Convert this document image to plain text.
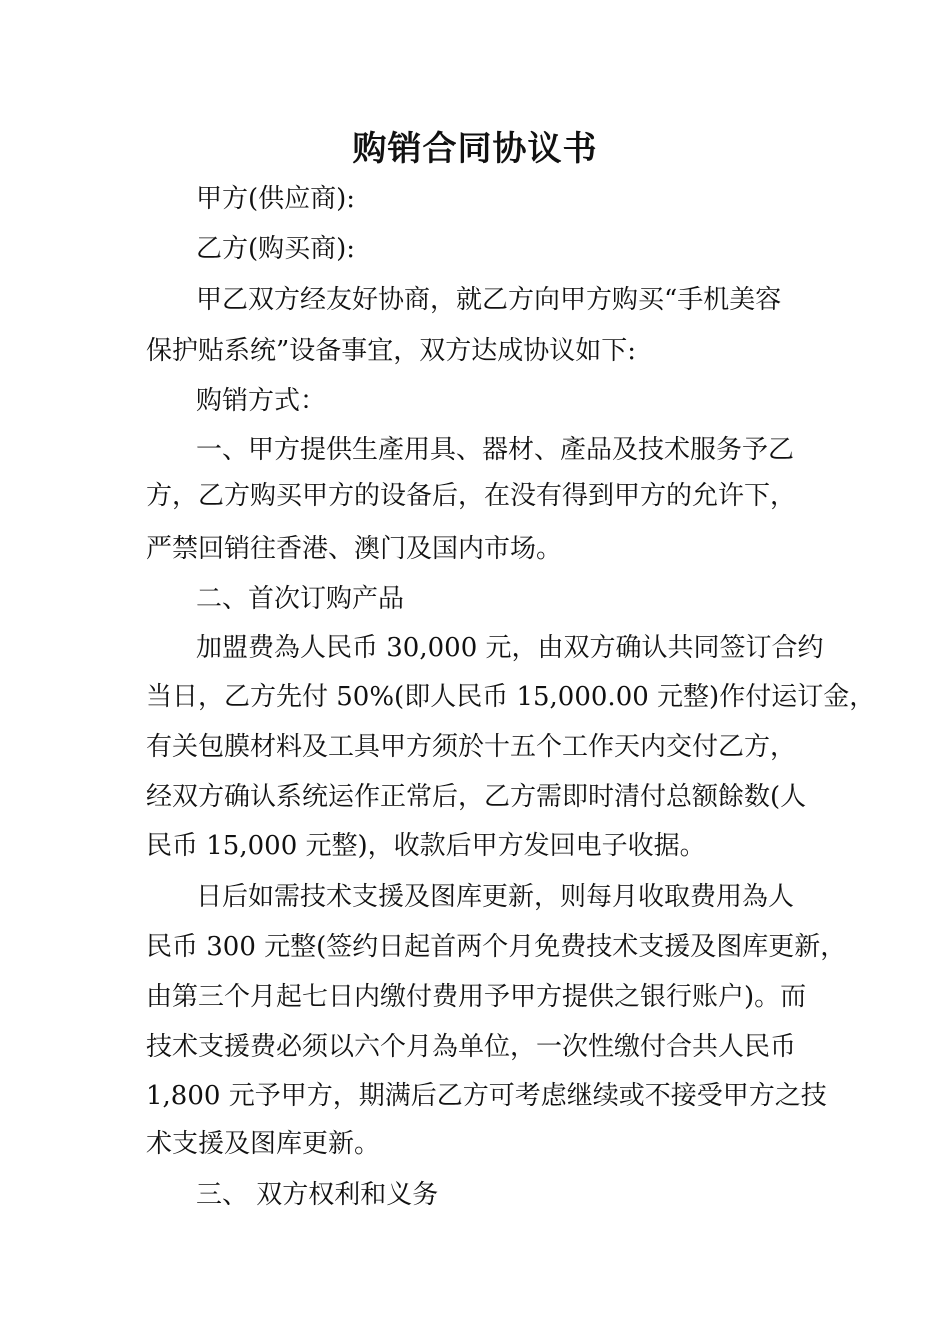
购销合同协议书
甲方(供应商):
乙方(购买商):
甲乙双方经友好协商，就乙方向甲方购买“手机美容
保护贴系统”设备事宜，双方达成协议如下:
购销方式：
一、甲方提供生產用具、器材、產品及技术服务予乙
方，乙方购买甲方的设备后，在没有得到甲方的允许下，
严禁回销往香港、澳门及国内市场。
二、首次订购产品
加盟费為人民币 30,000 元，由双方确认共同签订合约
当日，乙方先付 50%(即人民币 15,000.00 元整)作付运订金，
有关包膜材料及工具甲方须於十五个工作天内交付乙方，
经双方确认系统运作正常后，乙方需即时清付总额餘数(人
民币 15,000 元整)，收款后甲方发回电子收据。
日后如需技术支援及图库更新，则每月收取费用為人
民币 300 元整(签约日起首两个月免费技术支援及图库更新，
由第三个月起七日内缴付费用予甲方提供之银行账户)。而
技术支援费必须以六个月為单位，一次性缴付合共人民币
1,800 元予甲方，期满后乙方可考虑继续或不接受甲方之技
术支援及图库更新。
三、 双方权利和义务
